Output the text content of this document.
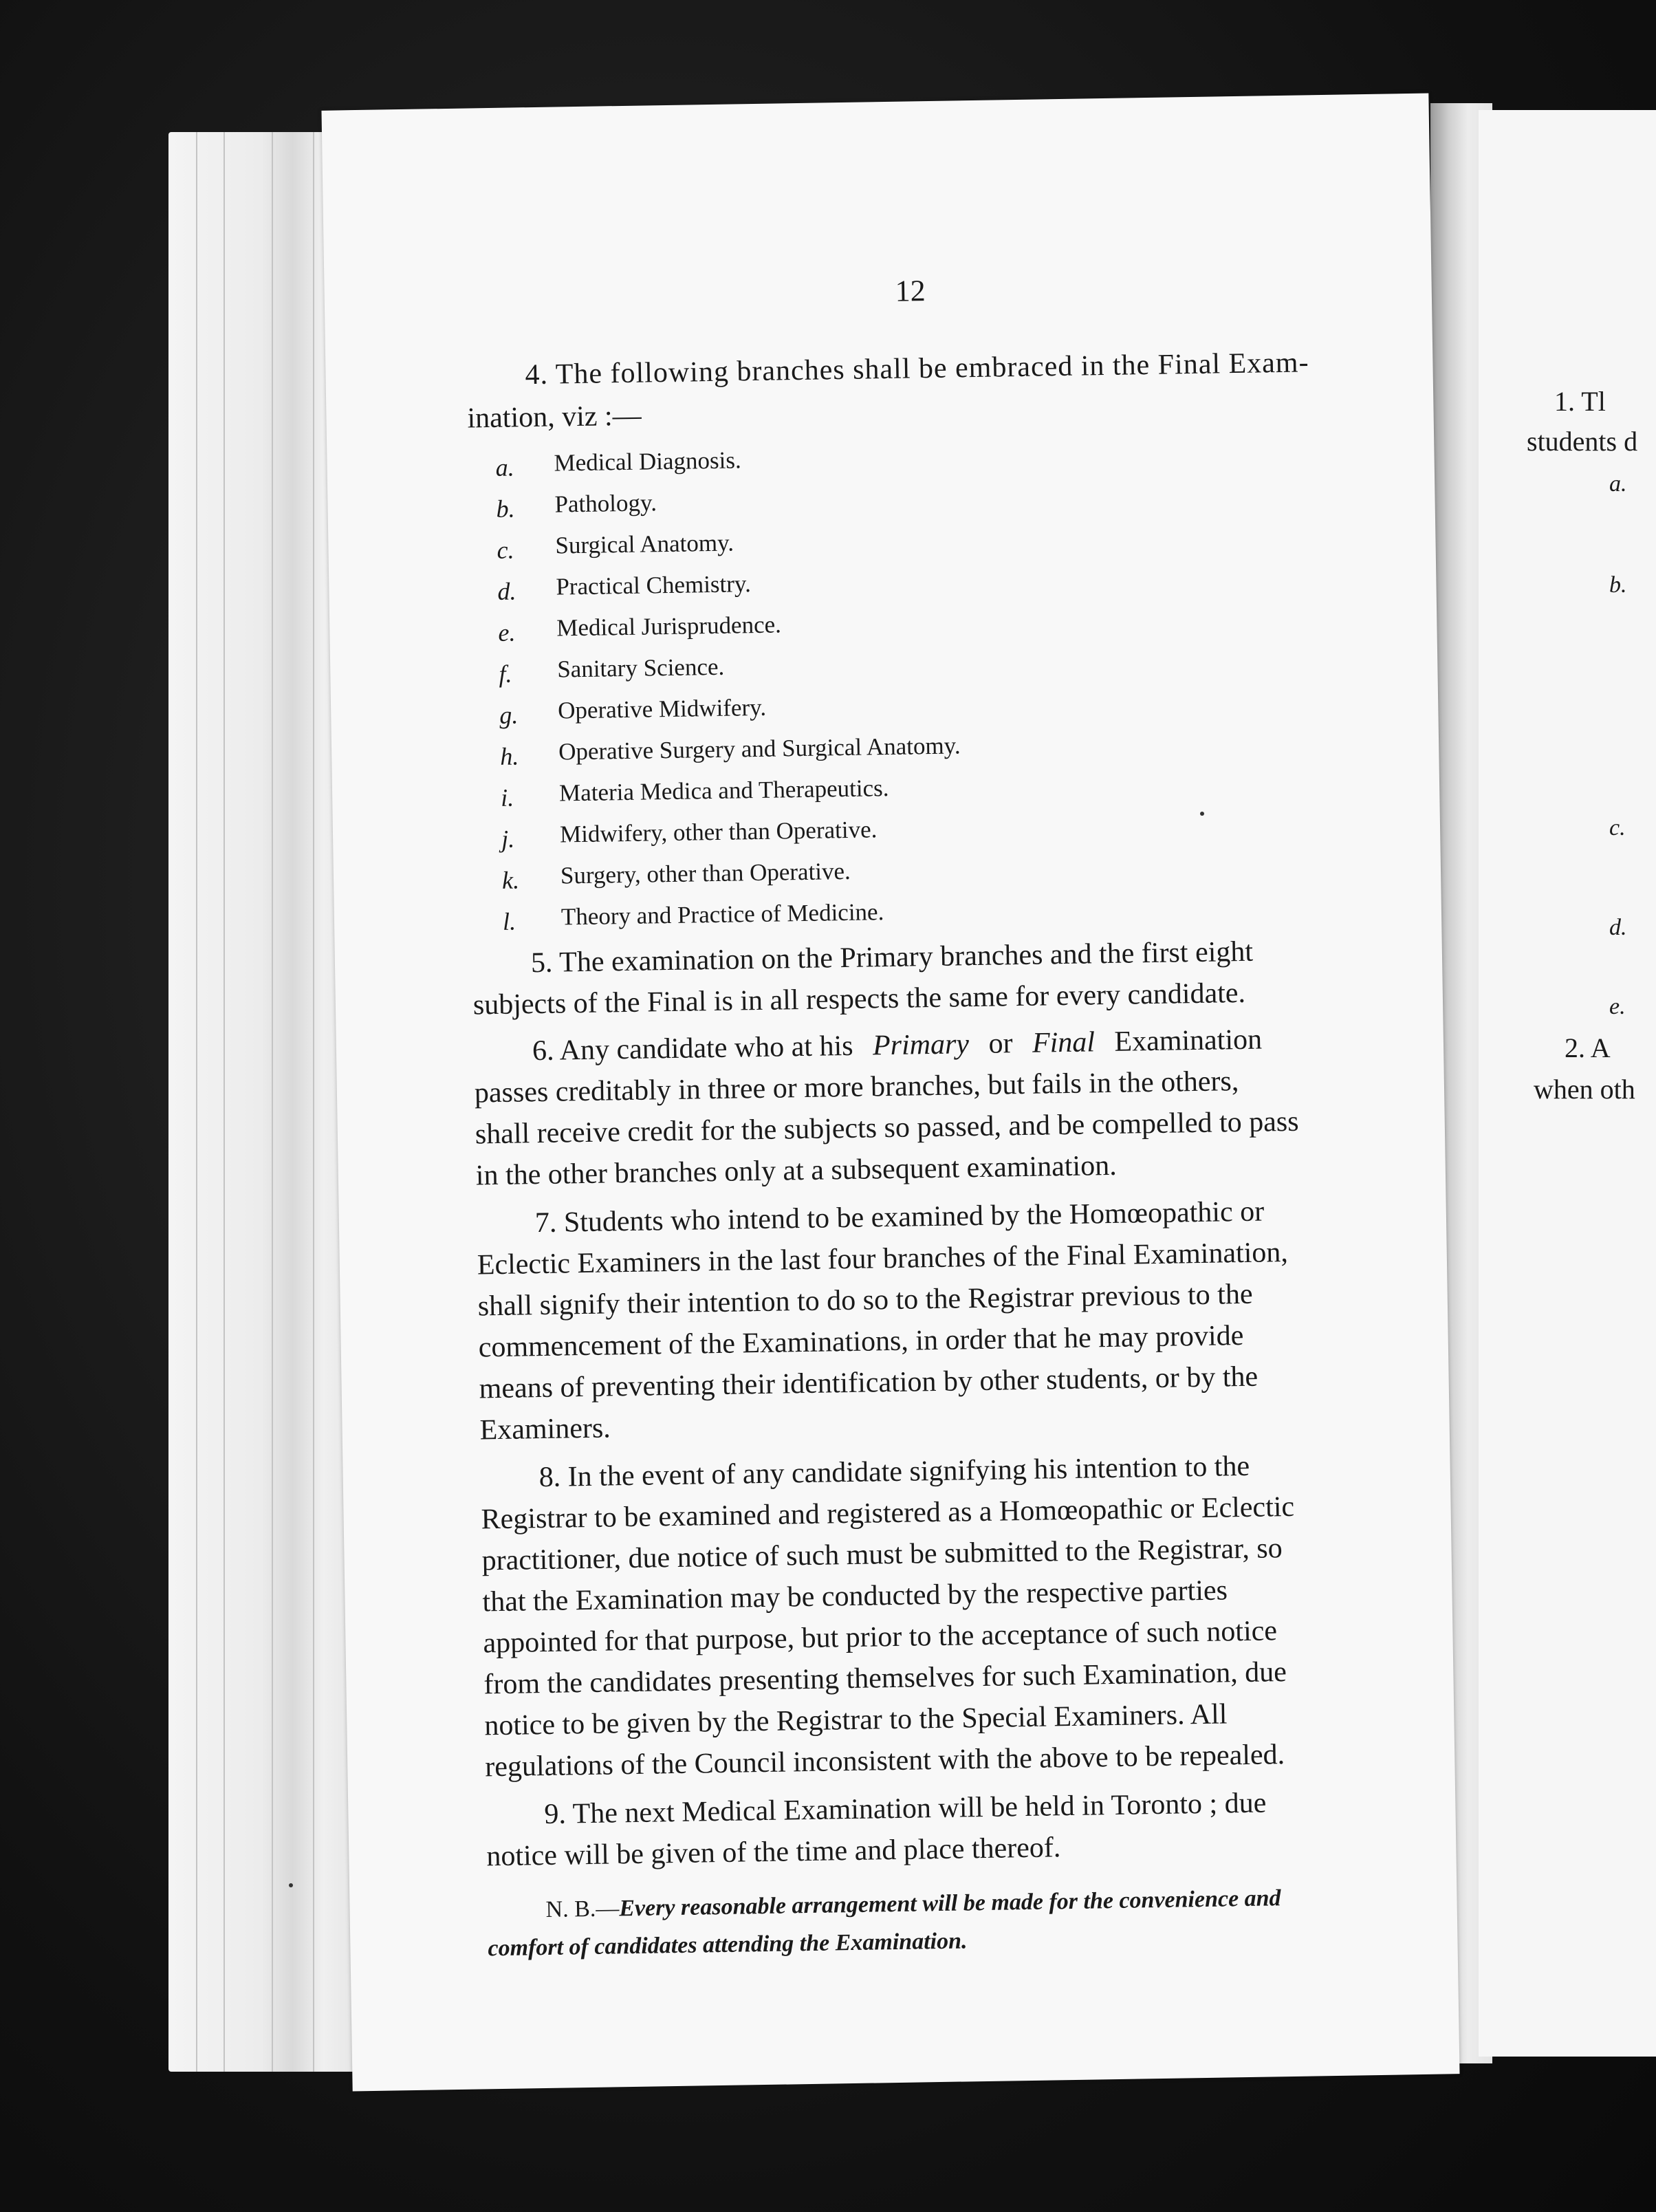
1. Tl
students d
a.
b.
c.
d.
e.
2. A
when oth
12
4. The following branches shall be embraced in the Final Exam-
ination, viz :—
a. Medical Diagnosis.
b. Pathology.
c. Surgical Anatomy.
d. Practical Chemistry.
e. Medical Jurisprudence.
f. Sanitary Science.
g. Operative Midwifery.
h. Operative Surgery and Surgical Anatomy.
i. Materia Medica and Therapeutics.
j. Midwifery, other than Operative.
k. Surgery, other than Operative.
l. Theory and Practice of Medicine.
5. The examination on the Primary branches and the first eight
subjects of the Final is in all respects the same for every candidate.
6. Any candidate who at his Primary or Final Examination
passes creditably in three or more branches, but fails in the others,
shall receive credit for the subjects so passed, and be compelled to pass
in the other branches only at a subsequent examination.
7. Students who intend to be examined by the Homœopathic or
Eclectic Examiners in the last four branches of the Final Examination,
shall signify their intention to do so to the Registrar previous to the
commencement of the Examinations, in order that he may provide
means of preventing their identification by other students, or by the
Examiners.
8. In the event of any candidate signifying his intention to the
Registrar to be examined and registered as a Homœopathic or Eclectic
practitioner, due notice of such must be submitted to the Registrar, so
that the Examination may be conducted by the respective parties
appointed for that purpose, but prior to the acceptance of such notice
from the candidates presenting themselves for such Examination, due
notice to be given by the Registrar to the Special Examiners. All
regulations of the Council inconsistent with the above to be repealed.
9. The next Medical Examination will be held in Toronto ; due
notice will be given of the time and place thereof.
N. B.—Every reasonable arrangement will be made for the convenience and
comfort of candidates attending the Examination.
